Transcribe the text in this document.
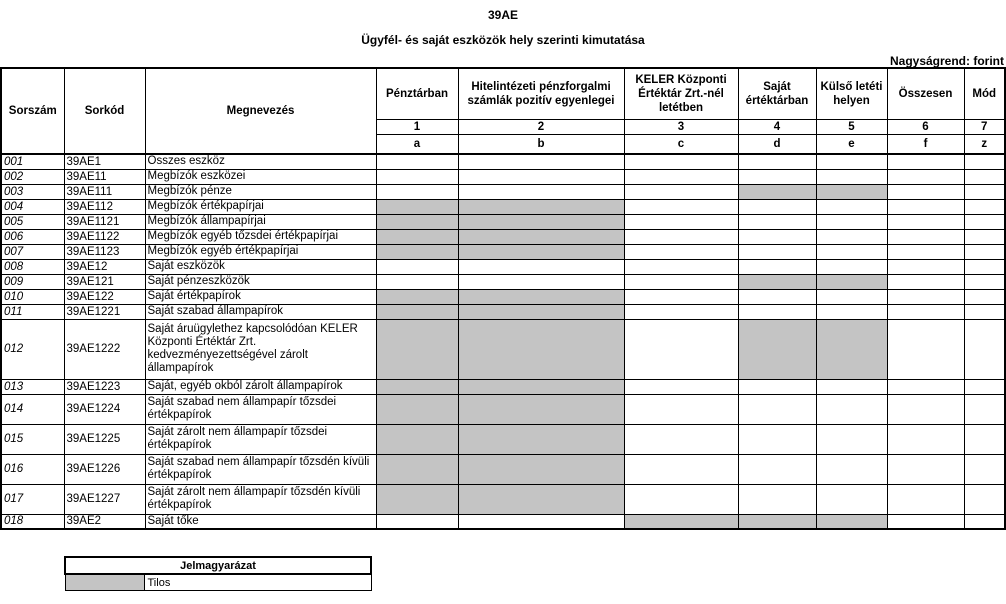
39AE
Ügyfél- és saját eszközök hely szerinti kimutatása
Nagyságrend: forint
Sorszám	Sorkód	Megnevezés	Pénztárban	Hitelintézeti pénzforgalmi számlák pozitív egyenlegei	KELER Központi Értéktár Zrt.-nél letétben	Saját értéktárban	Külső letéti helyen	Összesen	Mód
			1	2	3	4	5	6	7
			a	b	c	d	e	f	z
001	39AE1	Összes eszköz							
002	39AE11	Megbízók eszközei							
003	39AE111	Megbízók pénze							
004	39AE112	Megbízók értékpapírjai							
005	39AE1121	Megbízók állampapírjai							
006	39AE1122	Megbízók egyéb tőzsdei értékpapírjai							
007	39AE1123	Megbízók egyéb értékpapírjai							
008	39AE12	Saját eszközök							
009	39AE121	Saját pénzeszközök							
010	39AE122	Saját értékpapírok							
011	39AE1221	Saját szabad állampapírok							
012	39AE1222	Saját áruügylethez kapcsolódóan KELER Központi Értéktár Zrt. kedvezményezettségével zárolt állampapírok							
013	39AE1223	Saját, egyéb okból zárolt állampapírok							
014	39AE1224	Saját szabad nem állampapír tőzsdei értékpapírok							
015	39AE1225	Saját zárolt nem állampapír tőzsdei értékpapírok							
016	39AE1226	Saját szabad nem állampapír tőzsdén kívüli értékpapírok							
017	39AE1227	Saját zárolt nem állampapír tőzsdén kívüli értékpapírok							
018	39AE2	Saját tőke							
Jelmagyarázat
	Tilos
